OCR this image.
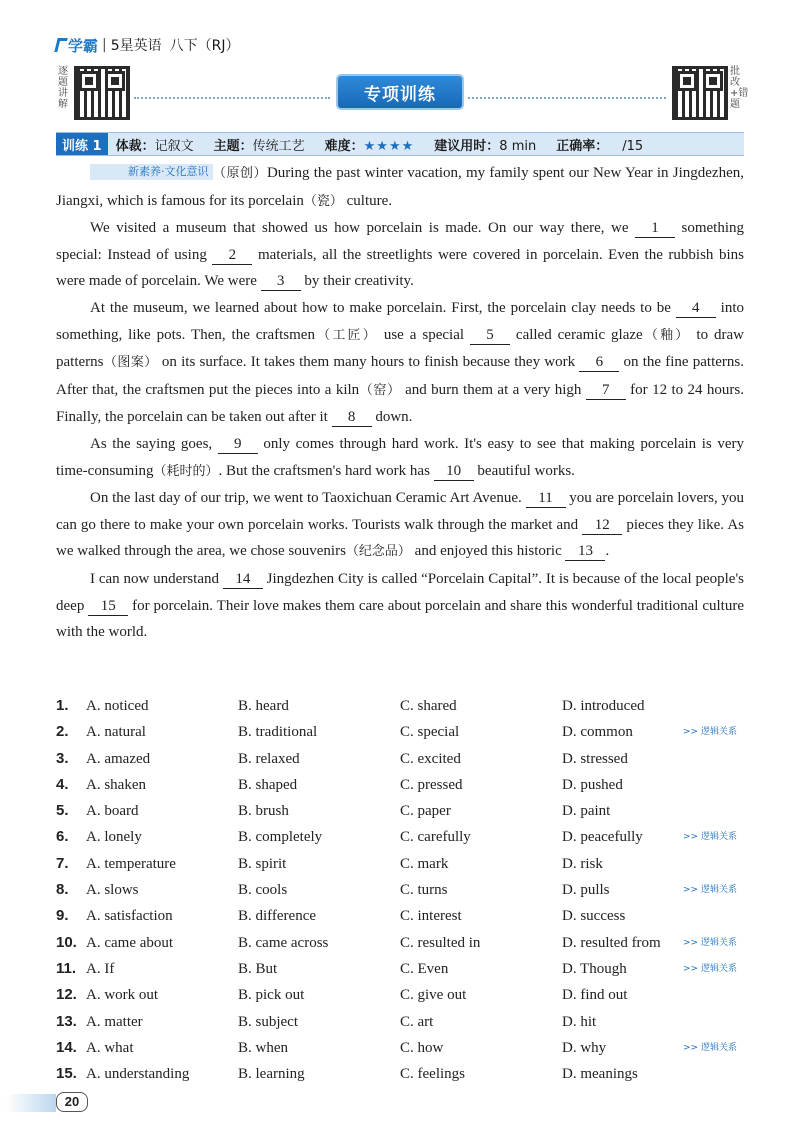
学霸 | 5星英语 八下（RJ）
逐题讲解	专项训练
批改+错题
训练 1	体裁：记叙文 主题：传统工艺 难度：★★★★ 建议用时：8 min 正确率： /15

新素养·文化意识 （原创）During the past winter vacation, my family spent our New Year in Jingdezhen, Jiangxi, which is famous for its porcelain（瓷） culture.

We visited a museum that showed us how porcelain is made. On our way there, we 1 something special: Instead of using 2 materials, all the streetlights were covered in porcelain. Even the rubbish bins were made of porcelain. We were 3 by their creativity.

At the museum, we learned about how to make porcelain. First, the porcelain clay needs to be 4 into something, like pots. Then, the craftsmen（工匠） use a special 5 called ceramic glaze（釉） to draw patterns（图案） on its surface. It takes them many hours to finish because they work 6 on the fine patterns. After that, the craftsmen put the pieces into a kiln（窑） and burn them at a very high 7 for 12 to 24 hours. Finally, the porcelain can be taken out after it 8 down.

As the saying goes, 9 only comes through hard work. It's easy to see that making porcelain is very time-consuming（耗时的）. But the craftsmen's hard work has 10 beautiful works.

On the last day of our trip, we went to Taoxichuan Ceramic Art Avenue. 11 you are porcelain lovers, you can go there to make your own porcelain works. Tourists walk through the market and 12 pieces they like. As we walked through the area, we chose souvenirs（纪念品） and enjoyed this historic 13 .

I can now understand 14 Jingdezhen City is called “Porcelain Capital”. It is because of the local people's deep 15 for porcelain. Their love makes them care about porcelain and share this wonderful traditional culture with the world.

1. A. noticed	B. heard	C. shared	D. introduced
2. A. natural	B. traditional	C. special	D. common	>> 逻辑关系
3. A. amazed	B. relaxed	C. excited	D. stressed
4. A. shaken	B. shaped	C. pressed	D. pushed
5. A. board	B. brush	C. paper	D. paint
6. A. lonely	B. completely	C. carefully	D. peacefully	>> 逻辑关系
7. A. temperature	B. spirit	C. mark	D. risk
8. A. slows	B. cools	C. turns	D. pulls	>> 逻辑关系
9. A. satisfaction	B. difference	C. interest	D. success
10. A. came about	B. came across	C. resulted in	D. resulted from >> 逻辑关系
11. A. If	B. But	C. Even	D. Though	>> 逻辑关系
12. A. work out	B. pick out	C. give out	D. find out
13. A. matter	B. subject	C. art	D. hit
14. A. what	B. when	C. how	D. why	>> 逻辑关系
15. A. understanding	B. learning	C. feelings	D. meanings
20
